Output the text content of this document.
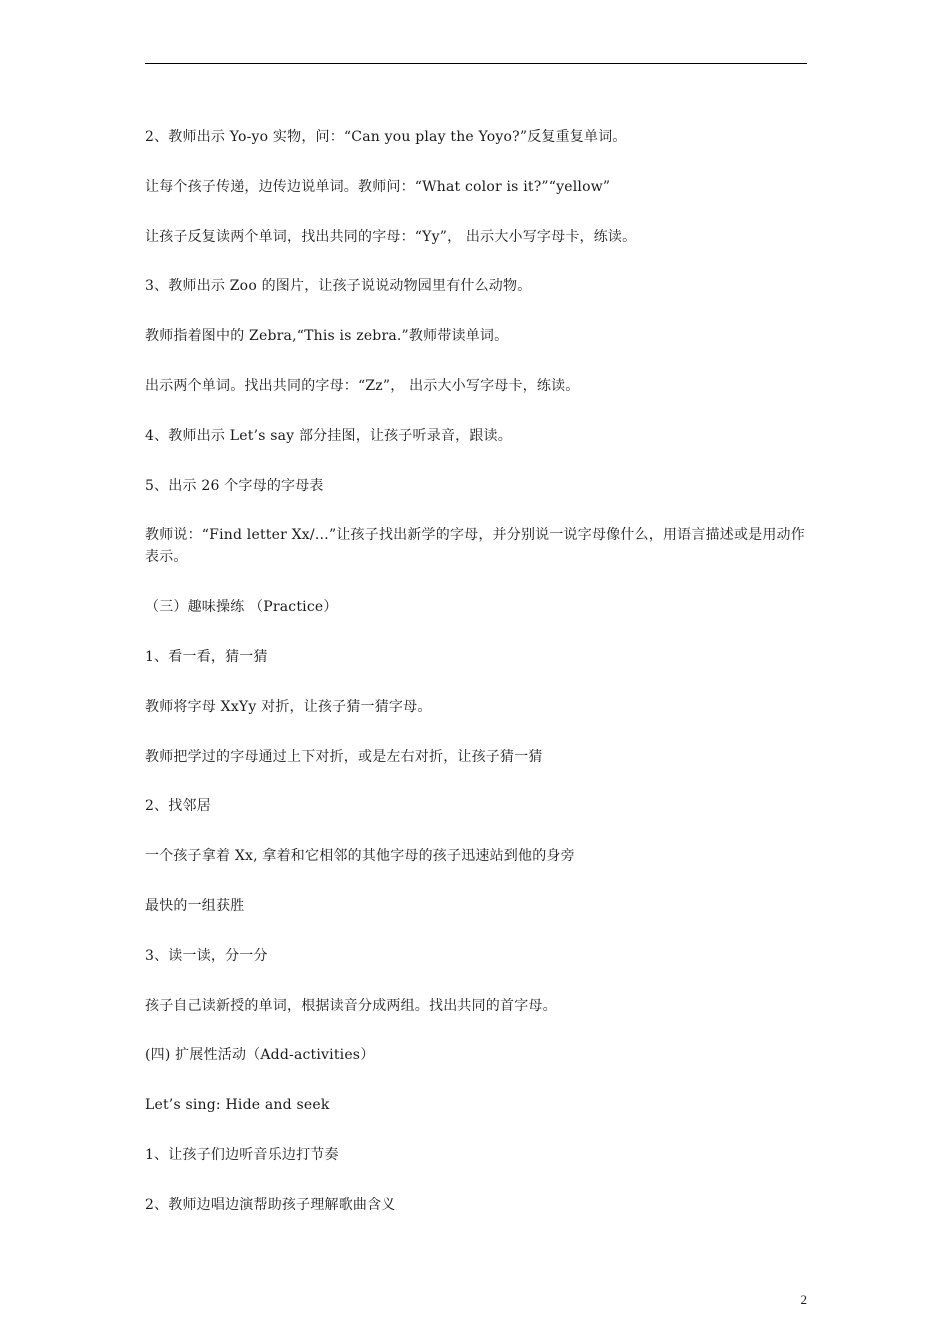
2、教师出示 Yo-yo 实物，问：“Can you play the Yoyo?”反复重复单词。

让每个孩子传递，边传边说单词。教师问：“What color is it?”“yellow”

让孩子反复读两个单词，找出共同的字母：“Yy”， 出示大小写字母卡，练读。

3、教师出示 Zoo 的图片，让孩子说说动物园里有什么动物。

教师指着图中的 Zebra,“This is zebra.”教师带读单词。

出示两个单词。找出共同的字母：“Zz”， 出示大小写字母卡，练读。

4、教师出示 Let’s say 部分挂图，让孩子听录音，跟读。

5、出示 26 个字母的字母表

教师说：“Find letter Xx/…”让孩子找出新学的字母，并分别说一说字母像什么，用语言描述或是用动作表示。

（三）趣味操练 （Practice）

1、看一看，猜一猜

教师将字母 XxYy 对折，让孩子猜一猜字母。

教师把学过的字母通过上下对折，或是左右对折，让孩子猜一猜

2、找邻居

一个孩子拿着 Xx, 拿着和它相邻的其他字母的孩子迅速站到他的身旁

最快的一组获胜

3、读一读，分一分

孩子自己读新授的单词，根据读音分成两组。找出共同的首字母。

(四) 扩展性活动（Add-activities）

Let’s sing: Hide and seek

1、让孩子们边听音乐边打节奏

2、教师边唱边演帮助孩子理解歌曲含义

2
